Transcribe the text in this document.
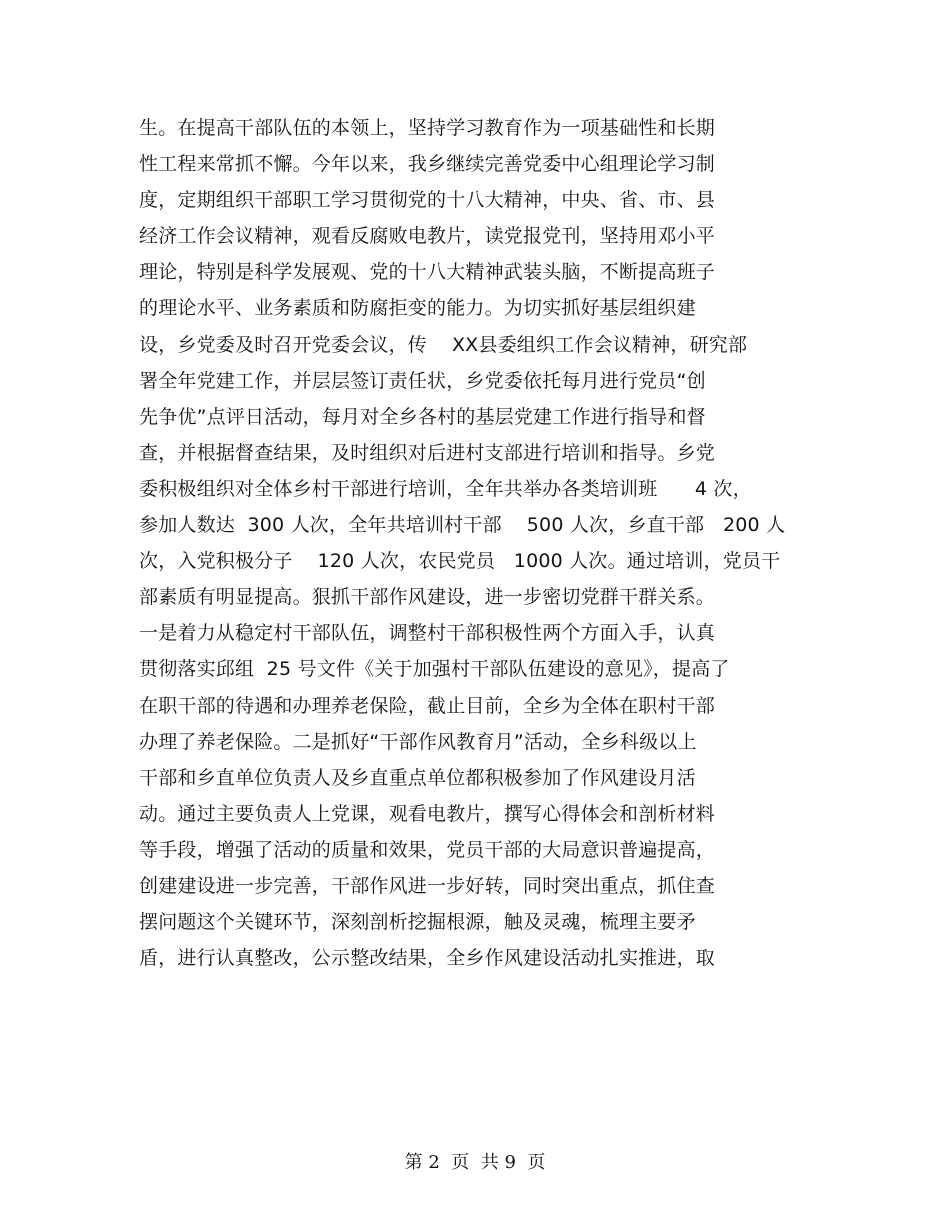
生。在提高干部队伍的本领上，坚持学习教育作为一项基础性和长期
性工程来常抓不懈。今年以来，我乡继续完善党委中心组理论学习制
度，定期组织干部职工学习贯彻党的十八大精神，中央、省、市、县
经济工作会议精神，观看反腐败电教片，读党报党刊，坚持用邓小平
理论，特别是科学发展观、党的十八大精神武装头脑，不断提高班子
的理论水平、业务素质和防腐拒变的能力。为切实抓好基层组织建
设，乡党委及时召开党委会议，传    XX县委组织工作会议精神，研究部
署全年党建工作，并层层签订责任状，乡党委依托每月进行党员“创
先争优”点评日活动，每月对全乡各村的基层党建工作进行指导和督
查，并根据督查结果，及时组织对后进村支部进行培训和指导。乡党
委积极组织对全体乡村干部进行培训，全年共举办各类培训班      4 次，
参加人数达  300 人次，全年共培训村干部    500 人次，乡直干部   200 人
次，入党积极分子    120 人次，农民党员   1000 人次。通过培训，党员干
部素质有明显提高。狠抓干部作风建设，进一步密切党群干群关系。
一是着力从稳定村干部队伍，调整村干部积极性两个方面入手，认真
贯彻落实邱组  25 号文件《关于加强村干部队伍建设的意见》，提高了
在职干部的待遇和办理养老保险，截止目前，全乡为全体在职村干部
办理了养老保险。二是抓好“干部作风教育月”活动，全乡科级以上
干部和乡直单位负责人及乡直重点单位都积极参加了作风建设月活
动。通过主要负责人上党课，观看电教片，撰写心得体会和剖析材料
等手段，增强了活动的质量和效果，党员干部的大局意识普遍提高，
创建建设进一步完善，干部作风进一步好转，同时突出重点，抓住查
摆问题这个关键环节，深刻剖析挖掘根源，触及灵魂，梳理主要矛
盾，进行认真整改，公示整改结果，全乡作风建设活动扎实推进，取
第 2  页  共 9  页
